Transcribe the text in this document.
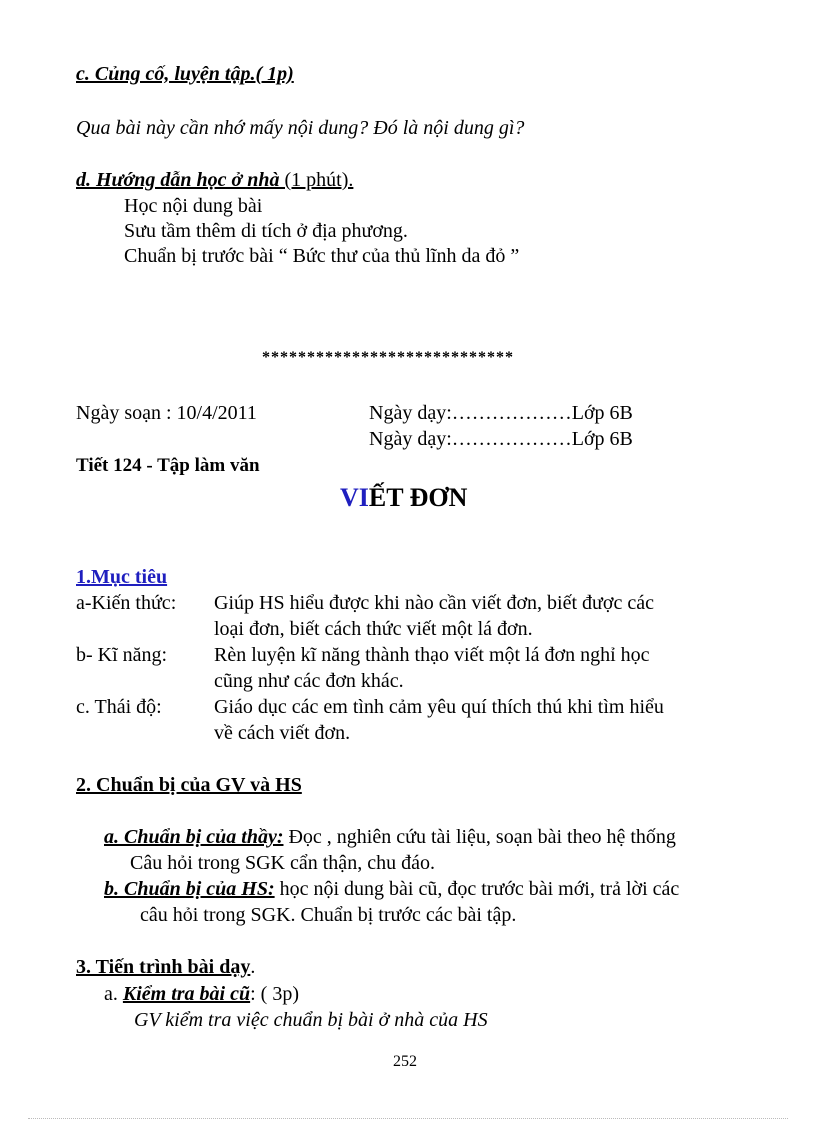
c. Củng cố, luyện tập.( 1p)
Qua bài này cần nhớ mấy nội dung? Đó là nội dung gì?
d. Hướng dẫn học ở nhà (1 phút).
Học nội dung bài
Sưu tầm thêm di tích ở địa phương.
Chuẩn bị trước bài “ Bức thư của thủ lĩnh da đỏ ”
****************************
Ngày soạn : 10/4/2011	Ngày dạy:………………Lớp 6B
Ngày dạy:………………Lớp 6B
Tiết 124 - Tập làm văn
VIẾT ĐƠN
1.Mục tiêu
a-Kiến thức: Giúp HS hiểu được khi nào cần viết đơn, biết được các
loại đơn, biết cách thức viết một lá đơn.
b- Kĩ năng: Rèn luyện kĩ năng thành thạo viết một lá đơn nghỉ học
cũng như các đơn khác.
c. Thái độ:	Giáo dục các em tình cảm yêu quí thích thú khi tìm hiểu
về cách viết đơn.
2. Chuẩn bị của GV và HS
a. Chuẩn bị của thầy: Đọc , nghiên cứu tài liệu, soạn bài theo hệ thống
Câu hỏi trong SGK cẩn thận, chu đáo.
b. Chuẩn bị của HS: học nội dung bài cũ, đọc trước bài mới, trả lời các
câu hỏi trong SGK. Chuẩn bị trước các bài tập.
3. Tiến trình bài dạy.
a. Kiểm tra bài cũ: ( 3p)
GV kiểm tra việc chuẩn bị bài ở nhà của HS
252
